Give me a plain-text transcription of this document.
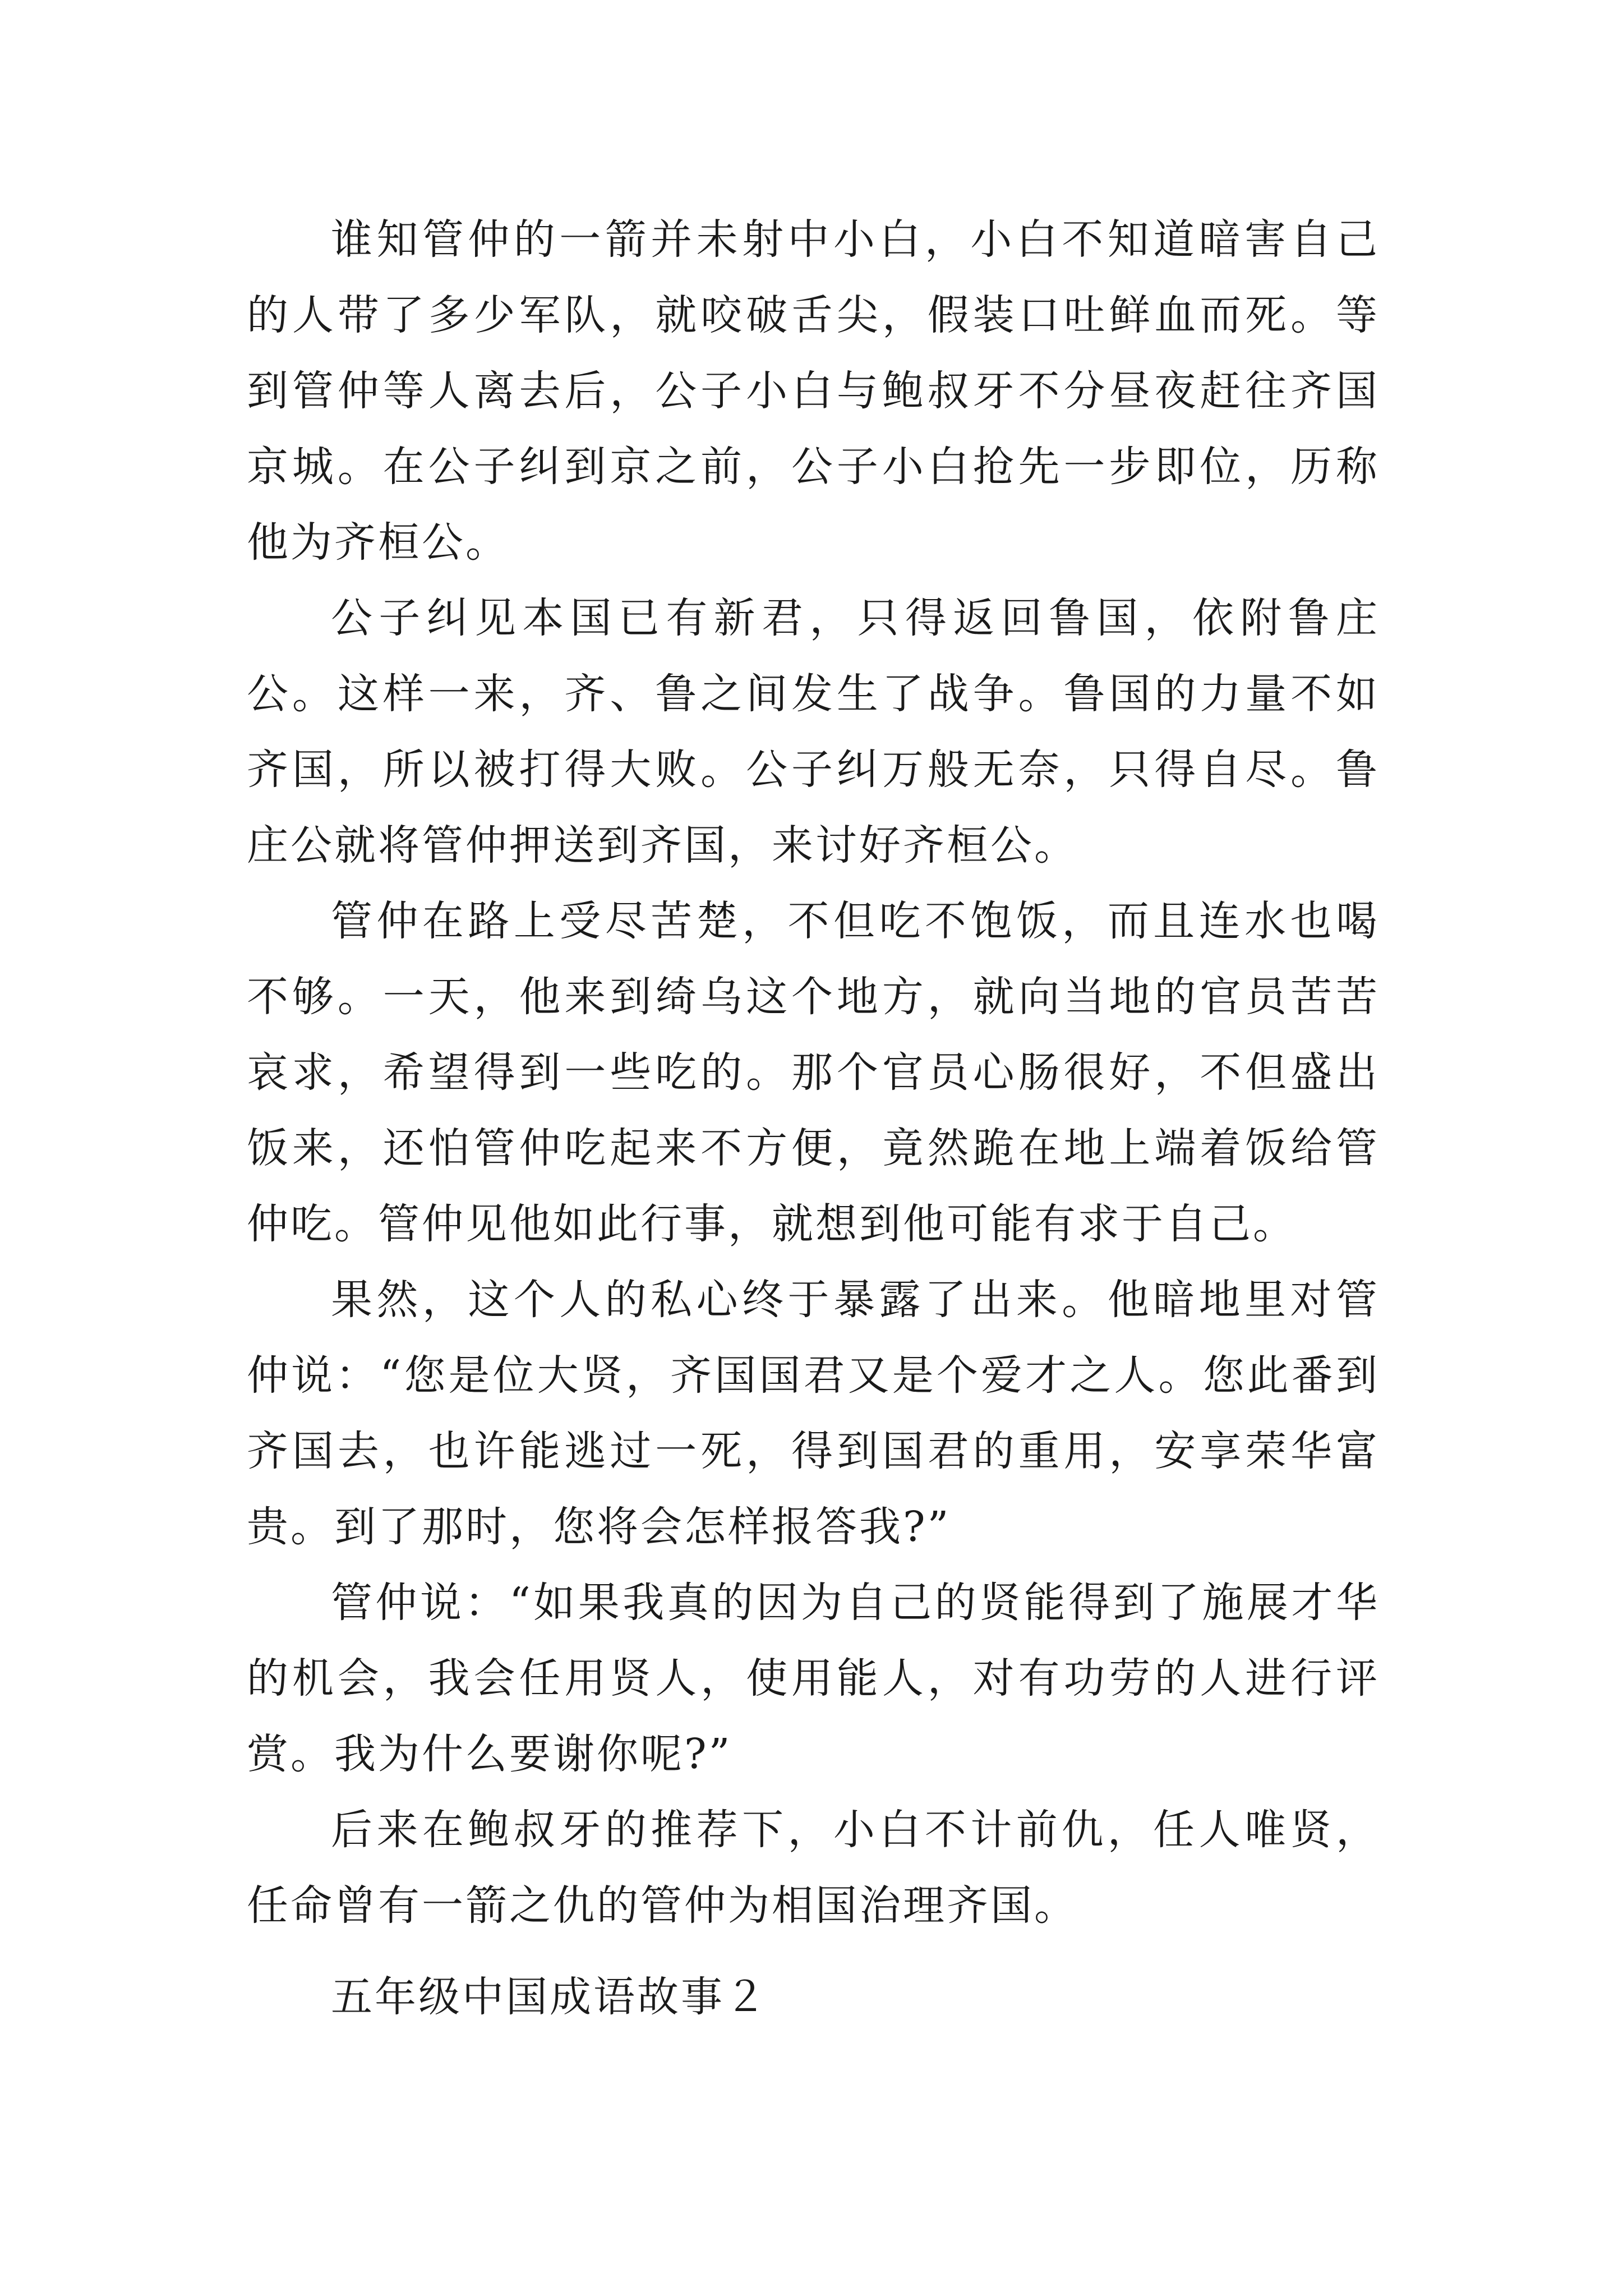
谁知管仲的一箭并未射中小白，小白不知道暗害自己的人带了多少军队，就咬破舌尖，假装口吐鲜血而死。等到管仲等人离去后，公子小白与鲍叔牙不分昼夜赶往齐国京城。在公子纠到京之前，公子小白抢先一步即位，历称他为齐桓公。

公子纠见本国已有新君，只得返回鲁国，依附鲁庄公。这样一来，齐、鲁之间发生了战争。鲁国的力量不如齐国，所以被打得大败。公子纠万般无奈，只得自尽。鲁庄公就将管仲押送到齐国，来讨好齐桓公。

管仲在路上受尽苦楚，不但吃不饱饭，而且连水也喝不够。一天，他来到绮乌这个地方，就向当地的官员苦苦哀求，希望得到一些吃的。那个官员心肠很好，不但盛出饭来，还怕管仲吃起来不方便，竟然跪在地上端着饭给管仲吃。管仲见他如此行事，就想到他可能有求于自己。

果然，这个人的私心终于暴露了出来。他暗地里对管仲说：“您是位大贤，齐国国君又是个爱才之人。您此番到齐国去，也许能逃过一死，得到国君的重用，安享荣华富贵。到了那时，您将会怎样报答我?”

管仲说：“如果我真的因为自己的贤能得到了施展才华的机会，我会任用贤人，使用能人，对有功劳的人进行评赏。我为什么要谢你呢?”

后来在鲍叔牙的推荐下，小白不计前仇，任人唯贤，任命曾有一箭之仇的管仲为相国治理齐国。

五年级中国成语故事２
